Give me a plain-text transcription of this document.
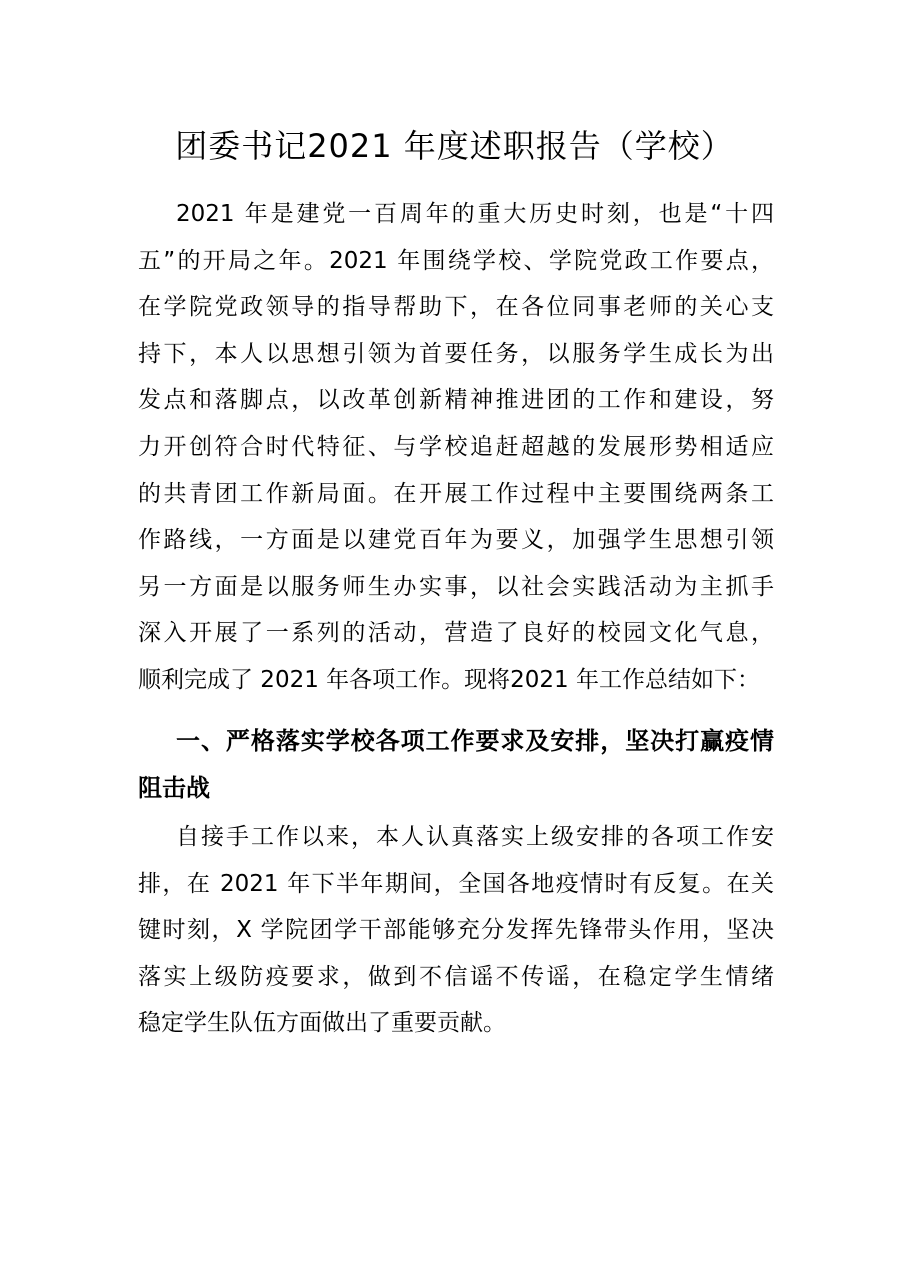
团委书记2021 年度述职报告（学校）
2021 年是建党一百周年的重大历史时刻，也是“十四
五”的开局之年。2021 年围绕学校、学院党政工作要点，
在学院党政领导的指导帮助下，在各位同事老师的关心支
持下，本人以思想引领为首要任务，以服务学生成长为出
发点和落脚点，以改革创新精神推进团的工作和建设，努
力开创符合时代特征、与学校追赶超越的发展形势相适应
的共青团工作新局面。在开展工作过程中主要围绕两条工
作路线，一方面是以建党百年为要义，加强学生思想引领
另一方面是以服务师生办实事，以社会实践活动为主抓手
深入开展了一系列的活动，营造了良好的校园文化气息，
顺利完成了 2021 年各项工作。现将2021 年工作总结如下：
一、严格落实学校各项工作要求及安排，坚决打赢疫情
阻击战
自接手工作以来，本人认真落实上级安排的各项工作安
排，在 2021 年下半年期间，全国各地疫情时有反复。在关
键时刻，X 学院团学干部能够充分发挥先锋带头作用，坚决
落实上级防疫要求，做到不信谣不传谣，在稳定学生情绪
稳定学生队伍方面做出了重要贡献。
